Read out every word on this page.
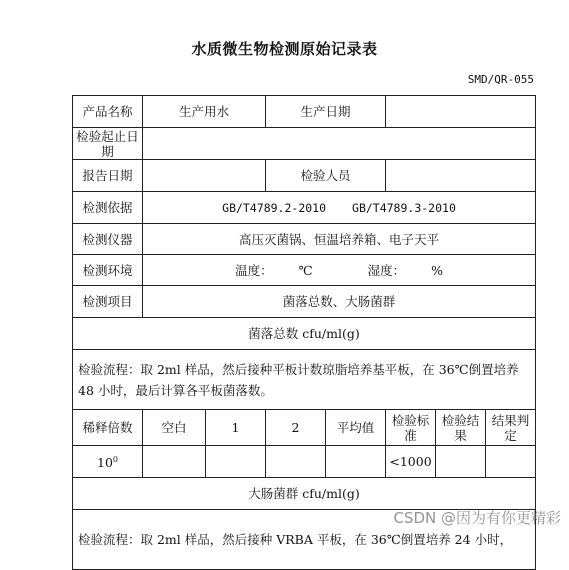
水质微生物检测原始记录表
SMD/QR-055
产品名称	生产用水		生产日期				
检验起止日期							
报告日期			检验人员				
检测依据	GB/T4789.2-2010 GB/T4789.3-2010						
检测仪器	高压灭菌锅、恒温培养箱、电子天平						
检测环境	温度： ℃ 湿度： %						
检测项目	菌落总数、大肠菌群						
菌落总数 cfu/ml(g)							
检验流程：取 2ml 样品，然后接种平板计数琼脂培养基平板，在 36℃倒置培养 48 小时，最后计算各平板菌落数。							
稀释倍数	空白	1	2	平均值	检验标准	检验结果	结果判定
$10^0$					<1000		
大肠菌群 cfu/ml(g)							
检验流程：取 2ml 样品，然后接种 VRBA 平板，在 36℃倒置培养 24 小时，							
CSDN @因为有你更精彩
